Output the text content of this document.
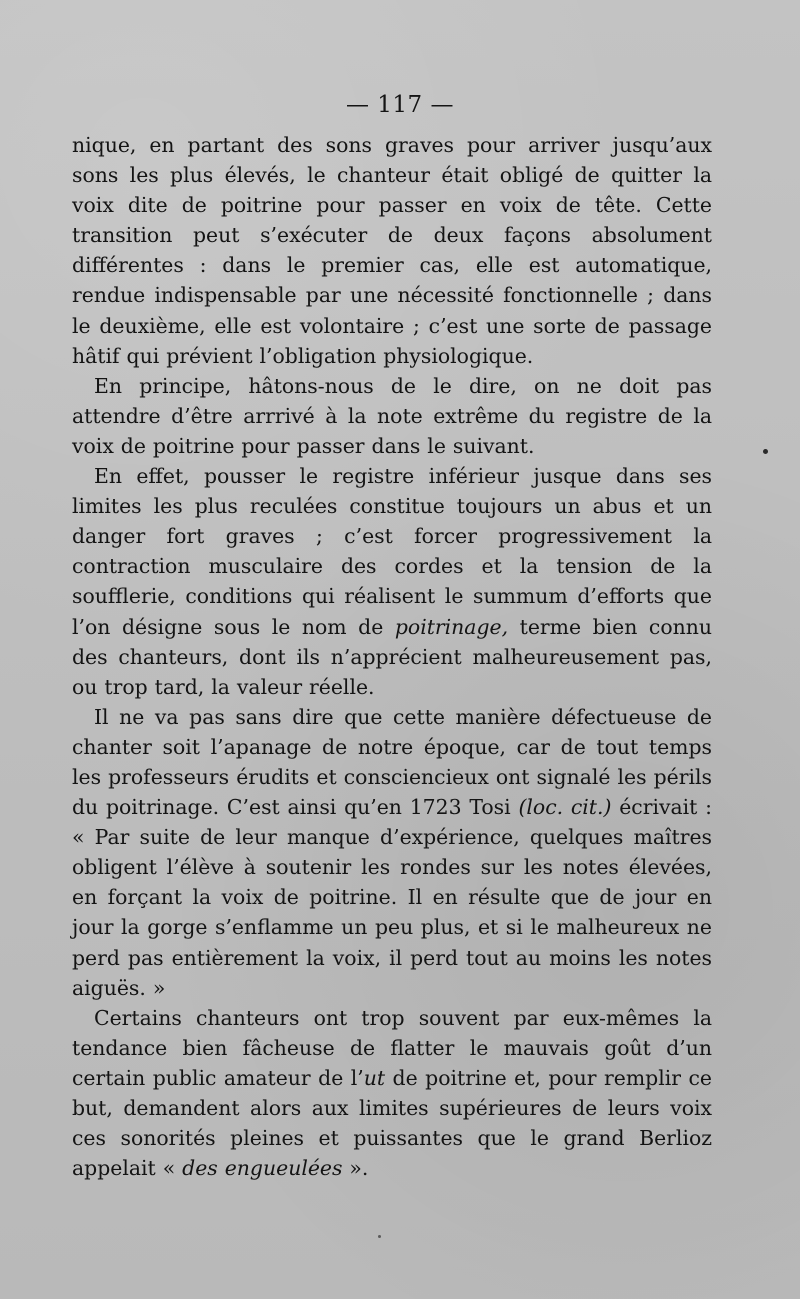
— 117 —

nique, en partant des sons graves pour arriver jusqu’aux sons les plus élevés, le chanteur était obligé de quitter la voix dite de poitrine pour passer en voix de tête. Cette transition peut s’exécuter de deux façons absolument différentes : dans le premier cas, elle est automatique, rendue indispensable par une nécessité fonctionnelle ; dans le deuxième, elle est volontaire ; c’est une sorte de passage hâtif qui prévient l’obligation physiologique.

En principe, hâtons-nous de le dire, on ne doit pas attendre d’être arrrivé à la note extrême du registre de la voix de poitrine pour passer dans le suivant.

En effet, pousser le registre inférieur jusque dans ses limites les plus reculées constitue toujours un abus et un danger fort graves ; c’est forcer progressivement la contraction musculaire des cordes et la tension de la soufflerie, conditions qui réalisent le summum d’efforts que l’on désigne sous le nom de poitrinage, terme bien connu des chanteurs, dont ils n’apprécient malheureusement pas, ou trop tard, la valeur réelle.

Il ne va pas sans dire que cette manière défectueuse de chanter soit l’apanage de notre époque, car de tout temps les professeurs érudits et consciencieux ont signalé les périls du poitrinage. C’est ainsi qu’en 1723 Tosi (loc. cit.) écrivait : « Par suite de leur manque d’expérience, quelques maîtres obligent l’élève à soutenir les rondes sur les notes élevées, en forçant la voix de poitrine. Il en résulte que de jour en jour la gorge s’enflamme un peu plus, et si le malheureux ne perd pas entièrement la voix, il perd tout au moins les notes aiguës. »

Certains chanteurs ont trop souvent par eux-mêmes la tendance bien fâcheuse de flatter le mauvais goût d’un certain public amateur de l’ut de poitrine et, pour remplir ce but, demandent alors aux limites supérieures de leurs voix ces sonorités pleines et puissantes que le grand Berlioz appelait « des engueulées ».
